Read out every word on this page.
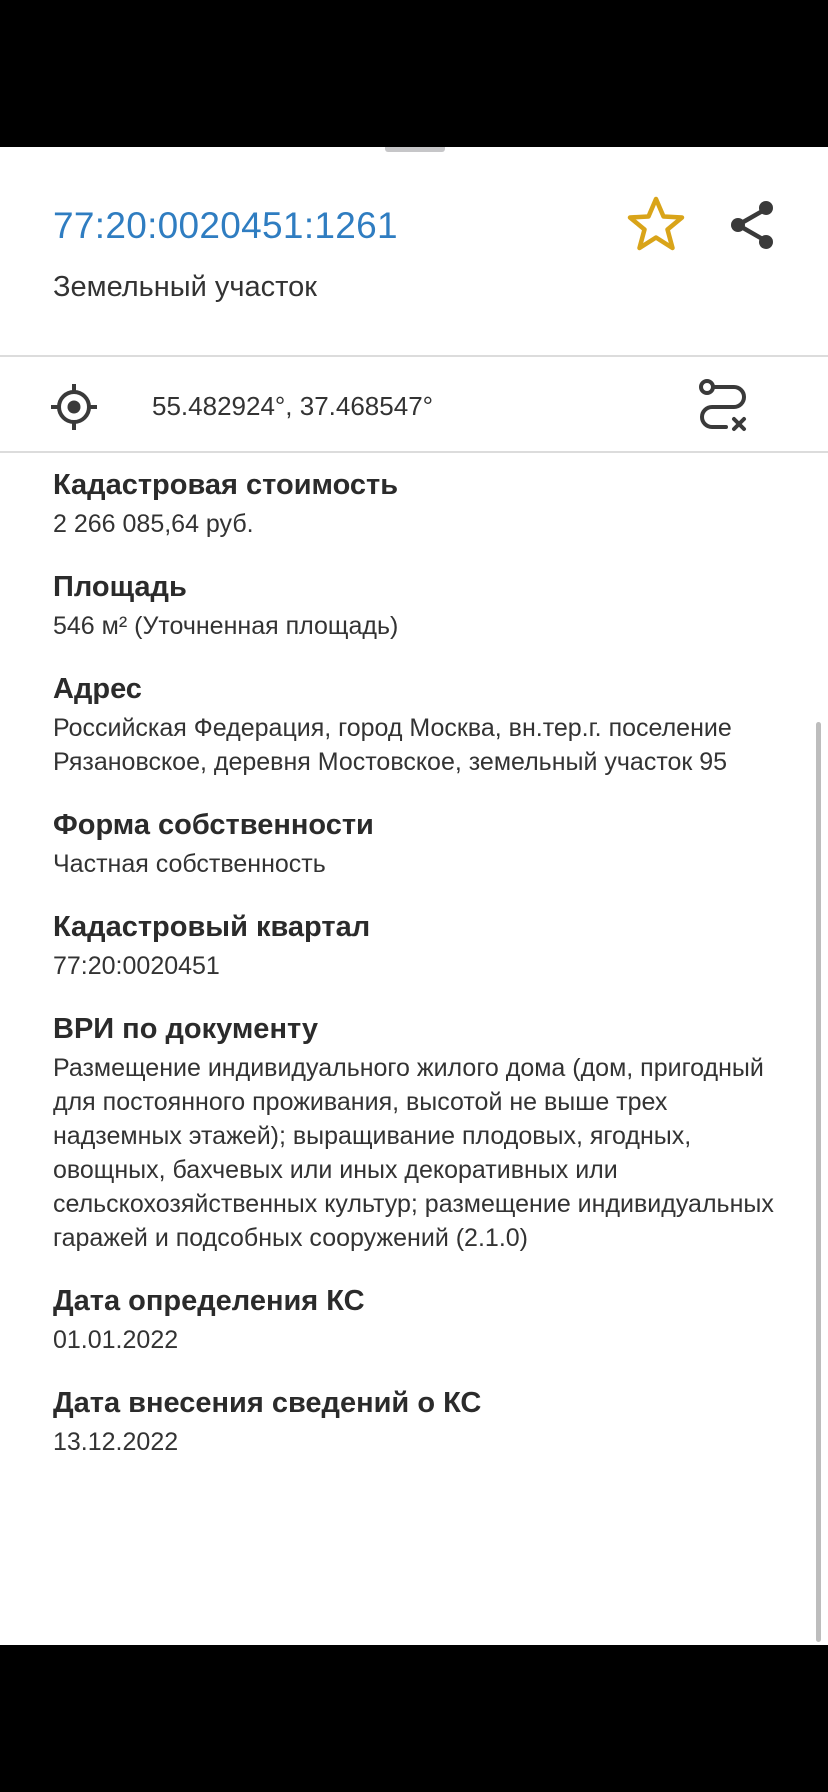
77:20:0020451:1261
Земельный участок
55.482924°, 37.468547°
Кадастровая стоимость
2 266 085,64 руб.
Площадь
546 м² (Уточненная площадь)
Адрес
Российская Федерация, город Москва, вн.тер.г. поселение Рязановское, деревня Мостовское, земельный участок 95
Форма собственности
Частная собственность
Кадастровый квартал
77:20:0020451
ВРИ по документу
Размещение индивидуального жилого дома (дом, пригодный для постоянного проживания, высотой не выше трех надземных этажей); выращивание плодовых, ягодных, овощных, бахчевых или иных декоративных или сельскохозяйственных культур; размещение индивидуальных гаражей и подсобных сооружений (2.1.0)
Дата определения КС
01.01.2022
Дата внесения сведений о КС
13.12.2022
